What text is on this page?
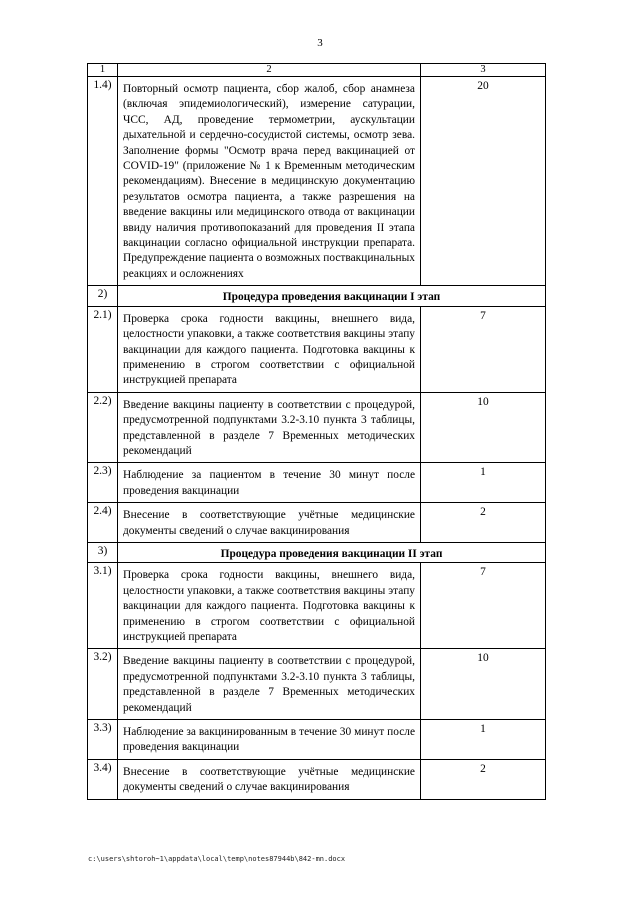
3
1	2	3
1.4)	Повторный осмотр пациента, сбор жалоб, сбор анамнеза (включая эпидемиологический), измерение сатурации, ЧСС, АД, проведение термометрии, аускультации дыхательной и сердечно-сосудистой системы, осмотр зева. Заполнение формы "Осмотр врача перед вакцинацией от COVID-19" (приложение № 1 к Временным методическим рекомендациям). Внесение в медицинскую документацию результатов осмотра пациента, а также разрешения на введение вакцины или медицинского отвода от вакцинации ввиду наличия противопоказаний для проведения II этапа вакцинации согласно официальной инструкции препарата. Предупреждение пациента о возможных поствакцинальных реакциях и осложнениях	20
2)	Процедура проведения вакцинации I этап	
2.1)	Проверка срока годности вакцины, внешнего вида, целостности упаковки, а также соответствия вакцины этапу вакцинации для каждого пациента. Подготовка вакцины к применению в строгом соответствии с официальной инструкцией препарата	7
2.2)	Введение вакцины пациенту в соответствии с процедурой, предусмотренной подпунктами 3.2-3.10 пункта 3 таблицы, представленной в разделе 7 Временных методических рекомендаций	10
2.3)	Наблюдение за пациентом в течение 30 минут после проведения вакцинации	1
2.4)	Внесение в соответствующие учётные медицинские документы сведений о случае вакцинирования	2
3)	Процедура проведения вакцинации II этап	
3.1)	Проверка срока годности вакцины, внешнего вида, целостности упаковки, а также соответствия вакцины этапу вакцинации для каждого пациента. Подготовка вакцины к применению в строгом соответствии с официальной инструкцией препарата	7
3.2)	Введение вакцины пациенту в соответствии с процедурой, предусмотренной подпунктами 3.2-3.10 пункта 3 таблицы, представленной в разделе 7 Временных методических рекомендаций	10
3.3)	Наблюдение за вакцинированным в течение 30 минут после проведения вакцинации	1
3.4)	Внесение в соответствующие учётные медицинские документы сведений о случае вакцинирования	2
c:\users\shtoroh~1\appdata\local\temp\notes87944b\842-mn.docx
